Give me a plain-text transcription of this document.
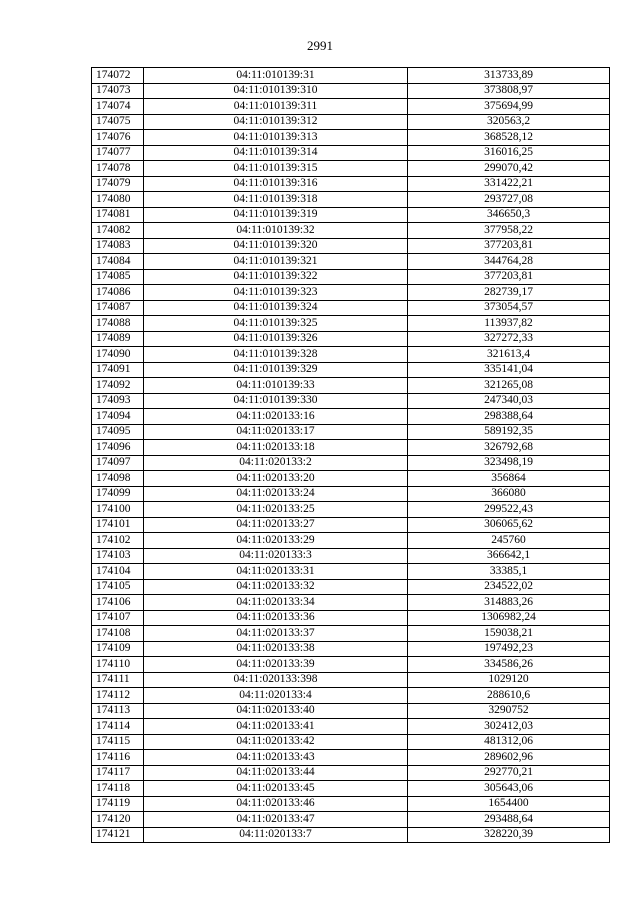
2991
174072	04:11:010139:31	313733,89
174073	04:11:010139:310	373808,97
174074	04:11:010139:311	375694,99
174075	04:11:010139:312	320563,2
174076	04:11:010139:313	368528,12
174077	04:11:010139:314	316016,25
174078	04:11:010139:315	299070,42
174079	04:11:010139:316	331422,21
174080	04:11:010139:318	293727,08
174081	04:11:010139:319	346650,3
174082	04:11:010139:32	377958,22
174083	04:11:010139:320	377203,81
174084	04:11:010139:321	344764,28
174085	04:11:010139:322	377203,81
174086	04:11:010139:323	282739,17
174087	04:11:010139:324	373054,57
174088	04:11:010139:325	113937,82
174089	04:11:010139:326	327272,33
174090	04:11:010139:328	321613,4
174091	04:11:010139:329	335141,04
174092	04:11:010139:33	321265,08
174093	04:11:010139:330	247340,03
174094	04:11:020133:16	298388,64
174095	04:11:020133:17	589192,35
174096	04:11:020133:18	326792,68
174097	04:11:020133:2	323498,19
174098	04:11:020133:20	356864
174099	04:11:020133:24	366080
174100	04:11:020133:25	299522,43
174101	04:11:020133:27	306065,62
174102	04:11:020133:29	245760
174103	04:11:020133:3	366642,1
174104	04:11:020133:31	33385,1
174105	04:11:020133:32	234522,02
174106	04:11:020133:34	314883,26
174107	04:11:020133:36	1306982,24
174108	04:11:020133:37	159038,21
174109	04:11:020133:38	197492,23
174110	04:11:020133:39	334586,26
174111	04:11:020133:398	1029120
174112	04:11:020133:4	288610,6
174113	04:11:020133:40	3290752
174114	04:11:020133:41	302412,03
174115	04:11:020133:42	481312,06
174116	04:11:020133:43	289602,96
174117	04:11:020133:44	292770,21
174118	04:11:020133:45	305643,06
174119	04:11:020133:46	1654400
174120	04:11:020133:47	293488,64
174121	04:11:020133:7	328220,39
